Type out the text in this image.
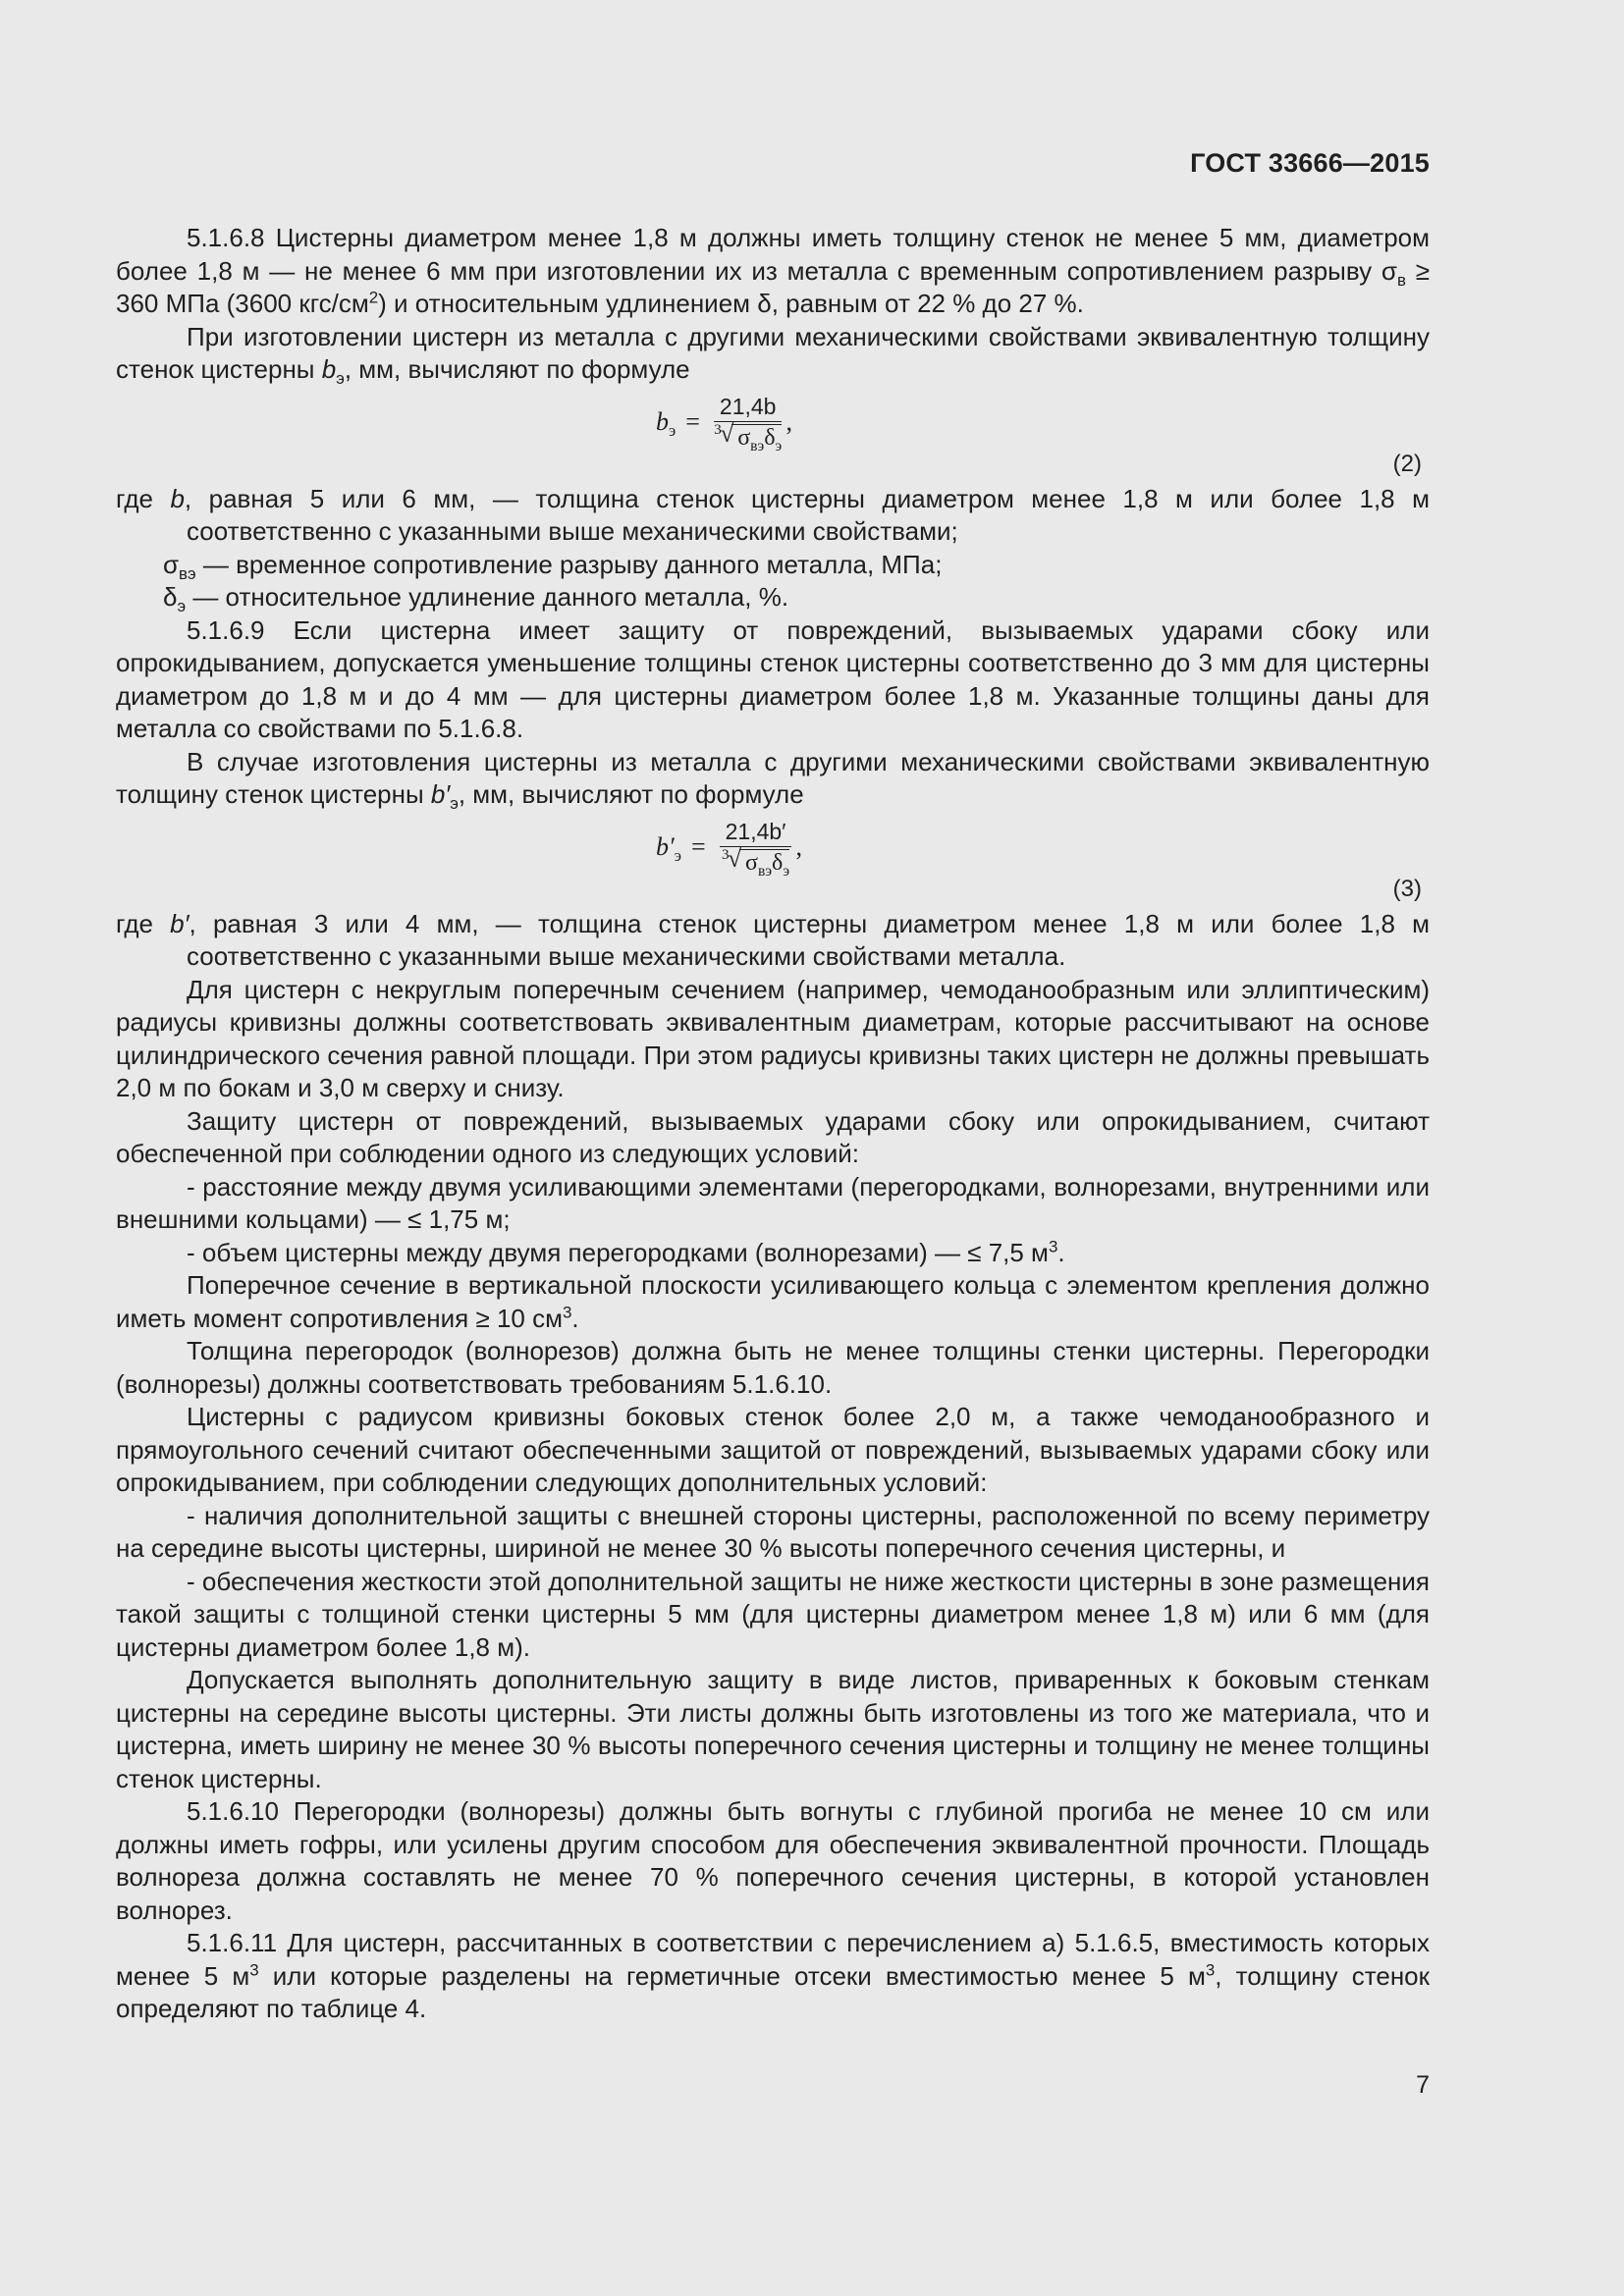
ГОСТ 33666—2015

5.1.6.8 Цистерны диаметром менее 1,8 м должны иметь толщину стенок не менее 5 мм, диаметром более 1,8 м — не менее 6 мм при изготовлении их из металла с временным сопротивлением разрыву $\sigma_в \ge 360$ МПа (3600 кгс/$см^2$) и относительным удлинением δ, равным от 22 % до 27 %.

При изготовлении цистерн из металла с другими механическими свойствами эквивалентную толщину стенок цистерны $b_э$, мм, вычисляют по формуле

$b_э = 21,4b$
3
√ $\sigma_{вэ}\delta_э$ ,
(2)

где b, равная 5 или 6 мм, — толщина стенок цистерны диаметром менее 1,8 м или более 1,8 м соответственно с указанными выше механическими свойствами;

$\sigma_{вэ}$ — временное сопротивление разрыву данного металла, МПа;

$\delta_э$ — относительное удлинение данного металла, %.

5.1.6.9 Если цистерна имеет защиту от повреждений, вызываемых ударами сбоку или опрокидыванием, допускается уменьшение толщины стенок цистерны соответственно до 3 мм для цистерны диаметром до 1,8 м и до 4 мм — для цистерны диаметром более 1,8 м. Указанные толщины даны для металла со свойствами по 5.1.6.8.

В случае изготовления цистерны из металла с другими механическими свойствами эквивалентную толщину стенок цистерны $b'_э$, мм, вычисляют по формуле

$b'_э = 21,4b'$
3
√ $\sigma_{вэ}\delta_э$ ,
(3)

где b′, равная 3 или 4 мм, — толщина стенок цистерны диаметром менее 1,8 м или более 1,8 м соответственно с указанными выше механическими свойствами металла.

Для цистерн с некруглым поперечным сечением (например, чемоданообразным или эллиптическим) радиусы кривизны должны соответствовать эквивалентным диаметрам, которые рассчитывают на основе цилиндрического сечения равной площади. При этом радиусы кривизны таких цистерн не должны превышать 2,0 м по бокам и 3,0 м сверху и снизу.

Защиту цистерн от повреждений, вызываемых ударами сбоку или опрокидыванием, считают обеспеченной при соблюдении одного из следующих условий:

- расстояние между двумя усиливающими элементами (перегородками, волнорезами, внутренними или внешними кольцами) — ≤ 1,75 м;

- объем цистерны между двумя перегородками (волнорезами) — ≤ 7,5 $м^3$.

Поперечное сечение в вертикальной плоскости усиливающего кольца с элементом крепления должно иметь момент сопротивления ≥ 10 $см^3$.

Толщина перегородок (волнорезов) должна быть не менее толщины стенки цистерны. Перегородки (волнорезы) должны соответствовать требованиям 5.1.6.10.

Цистерны с радиусом кривизны боковых стенок более 2,0 м, а также чемоданообразного и прямоугольного сечений считают обеспеченными защитой от повреждений, вызываемых ударами сбоку или опрокидыванием, при соблюдении следующих дополнительных условий:

- наличия дополнительной защиты с внешней стороны цистерны, расположенной по всему периметру на середине высоты цистерны, шириной не менее 30 % высоты поперечного сечения цистерны, и

- обеспечения жесткости этой дополнительной защиты не ниже жесткости цистерны в зоне размещения такой защиты с толщиной стенки цистерны 5 мм (для цистерны диаметром менее 1,8 м) или 6 мм (для цистерны диаметром более 1,8 м).

Допускается выполнять дополнительную защиту в виде листов, приваренных к боковым стенкам цистерны на середине высоты цистерны. Эти листы должны быть изготовлены из того же материала, что и цистерна, иметь ширину не менее 30 % высоты поперечного сечения цистерны и толщину не менее толщины стенок цистерны.

5.1.6.10 Перегородки (волнорезы) должны быть вогнуты с глубиной прогиба не менее 10 см или должны иметь гофры, или усилены другим способом для обеспечения эквивалентной прочности. Площадь волнореза должна составлять не менее 70 % поперечного сечения цистерны, в которой установлен волнорез.

5.1.6.11 Для цистерн, рассчитанных в соответствии с перечислением а) 5.1.6.5, вместимость которых менее 5 $м^3$ или которые разделены на герметичные отсеки вместимостью менее 5 $м^3$, толщину стенок определяют по таблице 4.

7
